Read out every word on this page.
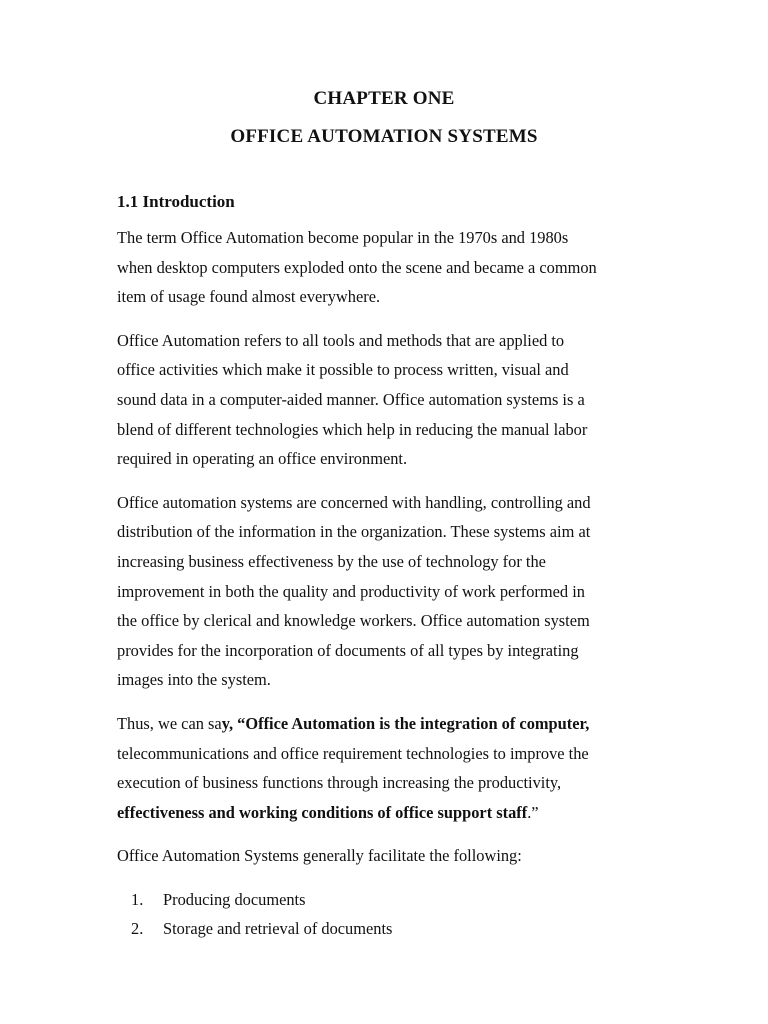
CHAPTER ONE
OFFICE AUTOMATION SYSTEMS
1.1 Introduction

The term Office Automation become popular in the 1970s and 1980s
when desktop computers exploded onto the scene and became a common
item of usage found almost everywhere.

Office Automation refers to all tools and methods that are applied to
office activities which make it possible to process written, visual and
sound data in a computer-aided manner. Office automation systems is a
blend of different technologies which help in reducing the manual labor
required in operating an office environment.

Office automation systems are concerned with handling, controlling and
distribution of the information in the organization. These systems aim at
increasing business effectiveness by the use of technology for the
improvement in both the quality and productivity of work performed in
the office by clerical and knowledge workers. Office automation system
provides for the incorporation of documents of all types by integrating
images into the system.

Thus, we can say, “Office Automation is the integration of computer,
telecommunications and office requirement technologies to improve the
execution of business functions through increasing the productivity,
effectiveness and working conditions of office support staff.”

Office Automation Systems generally facilitate the following:

1. Producing documents
2. Storage and retrieval of documents
